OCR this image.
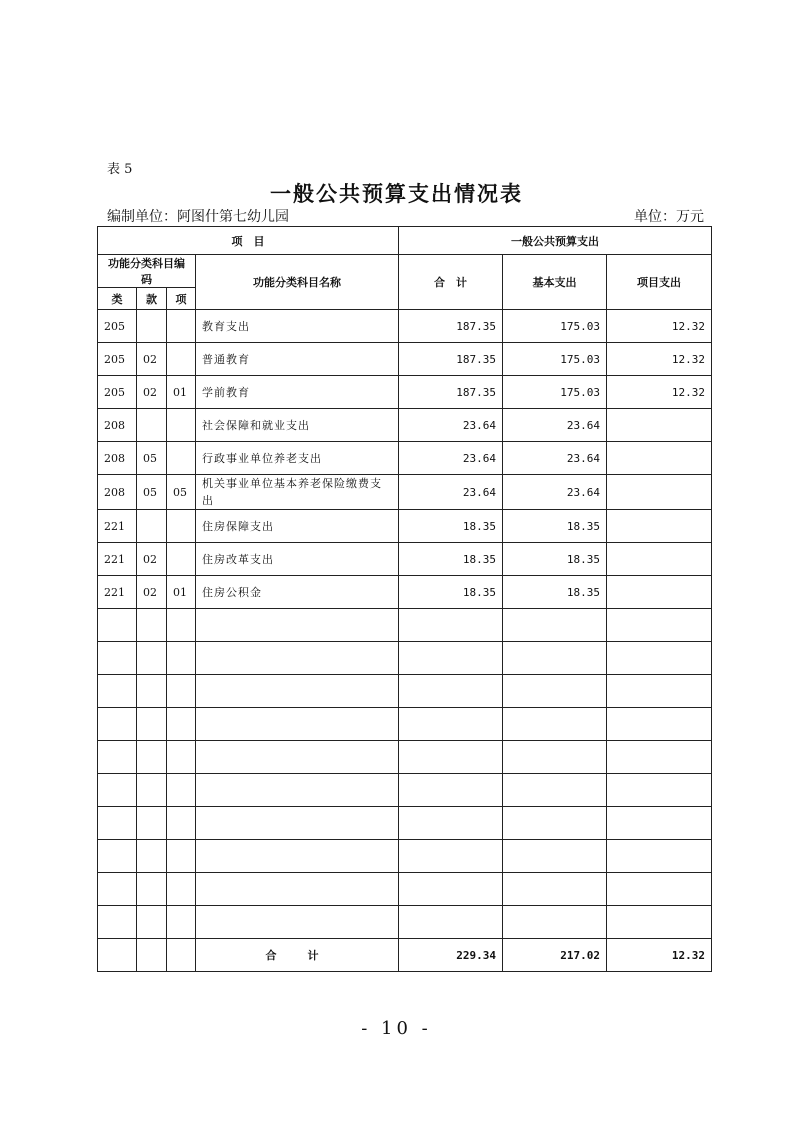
表 5
一般公共预算支出情况表
编制单位：阿图什第七幼儿园	单位：万元
项　目				一般公共预算支出		
功能分类科目编码			功能分类科目名称	合　计	基本支出	项目支出
类	款	项				
205			教育支出	187.35	175.03	12.32
205	02		普通教育	187.35	175.03	12.32
205	02	01	学前教育	187.35	175.03	12.32
208			社会保障和就业支出	23.64	23.64	
208	05		行政事业单位养老支出	23.64	23.64	
208	05	05	机关事业单位基本养老保险缴费支出	23.64	23.64	
221			住房保障支出	18.35	18.35	
221	02		住房改革支出	18.35	18.35	
221	02	01	住房公积金	18.35	18.35	

			合　计	229.34	217.02	12.32
- 10 -
